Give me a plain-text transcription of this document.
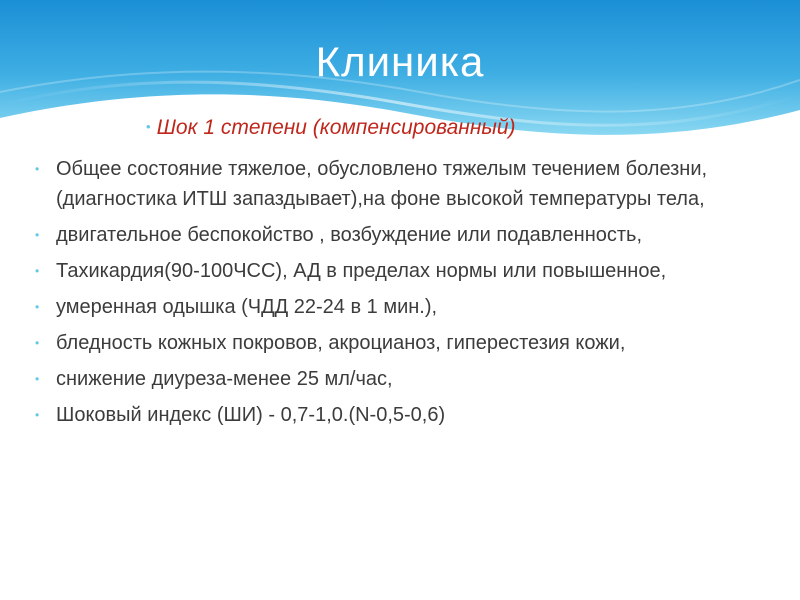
Клиника
• Шок 1 степени (компенсированный)
• Общее состояние тяжелое, обусловлено тяжелым течением болезни, (диагностика ИТШ запаздывает),на фоне высокой температуры тела,
• двигательное беспокойство , возбуждение или подавленность,
• Тахикардия(90-100ЧСС), АД в пределах нормы или повышенное,
• умеренная одышка (ЧДД 22-24 в 1 мин.),
• бледность кожных покровов, акроцианоз, гиперестезия кожи,
• снижение диуреза-менее 25 мл/час,
• Шоковый индекс (ШИ) - 0,7-1,0.(N-0,5-0,6)
